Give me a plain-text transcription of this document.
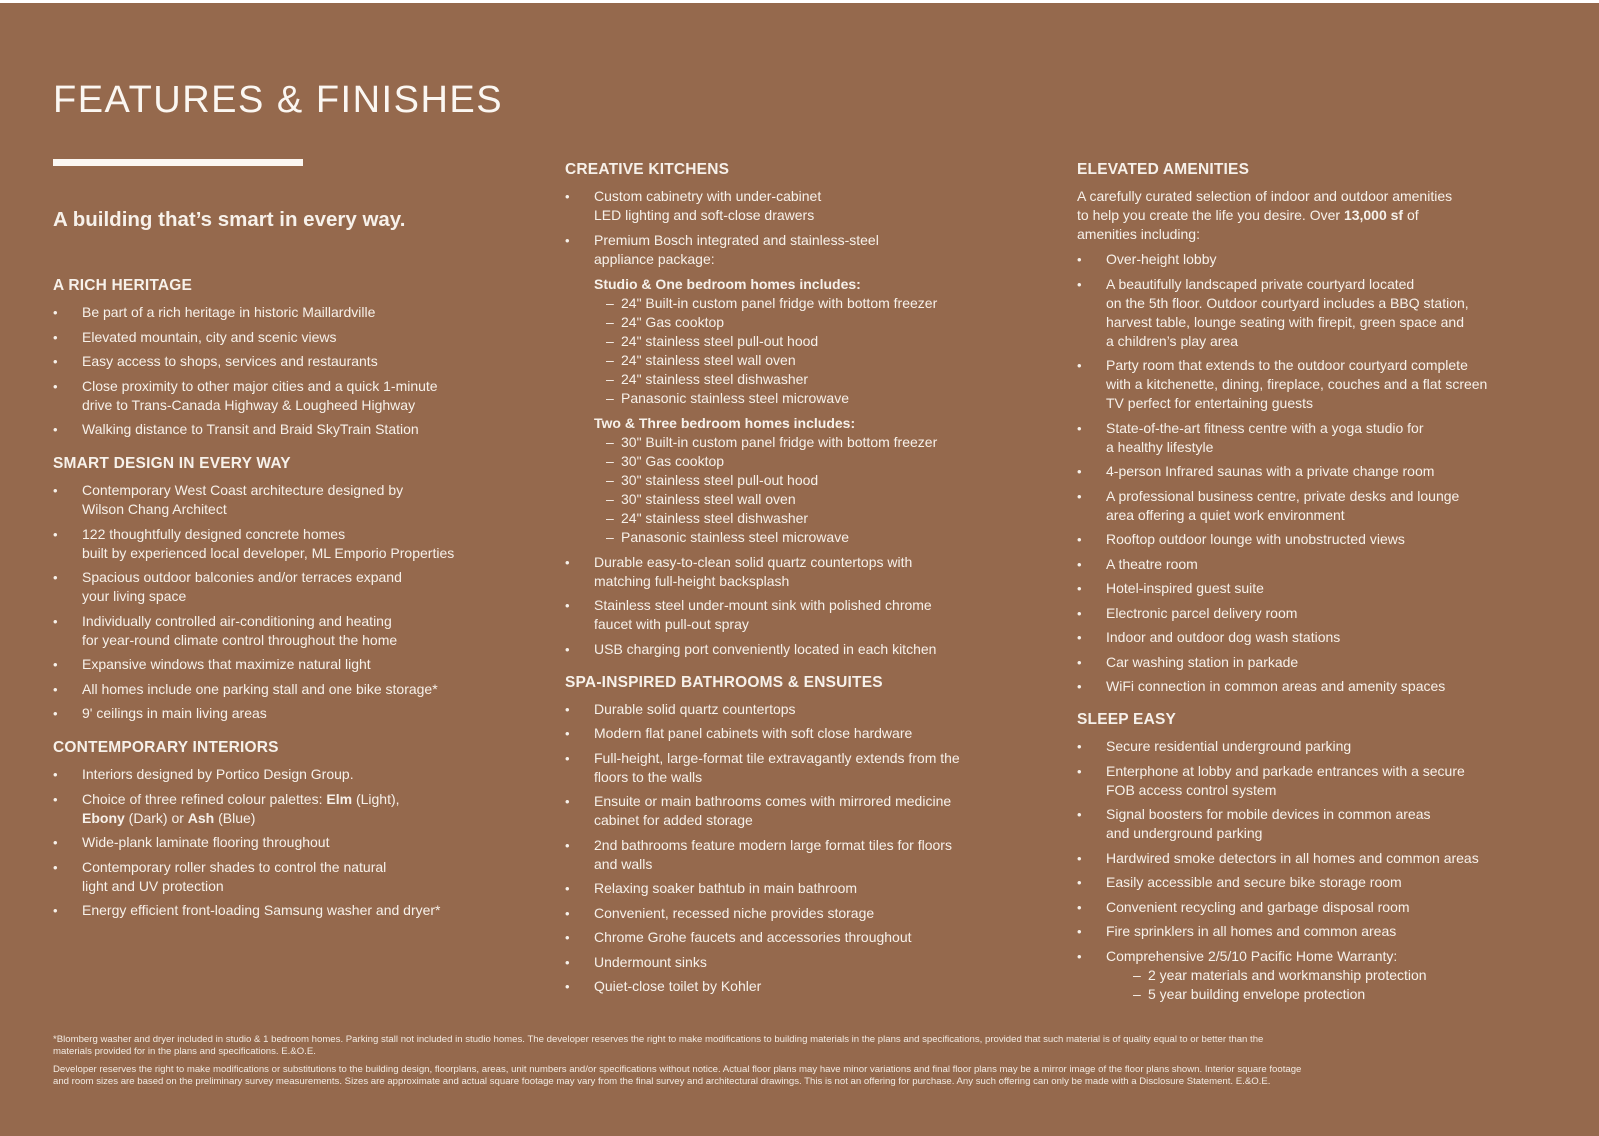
FEATURES & FINISHES
A building that’s smart in every way.
A RICH HERITAGE
• Be part of a rich heritage in historic Maillardville
• Elevated mountain, city and scenic views
• Easy access to shops, services and restaurants
• Close proximity to other major cities and a quick 1-minute
drive to Trans-Canada Highway & Lougheed Highway
• Walking distance to Transit and Braid SkyTrain Station
SMART DESIGN IN EVERY WAY
• Contemporary West Coast architecture designed by
Wilson Chang Architect
• 122 thoughtfully designed concrete homes
built by experienced local developer, ML Emporio Properties
• Spacious outdoor balconies and/or terraces expand
your living space
• Individually controlled air-conditioning and heating
for year-round climate control throughout the home
• Expansive windows that maximize natural light
• All homes include one parking stall and one bike storage*
• 9' ceilings in main living areas
CONTEMPORARY INTERIORS
• Interiors designed by Portico Design Group.
• Choice of three refined colour palettes: Elm (Light),
Ebony (Dark) or Ash (Blue)
• Wide-plank laminate flooring throughout
• Contemporary roller shades to control the natural
light and UV protection
• Energy efficient front-loading Samsung washer and dryer*
CREATIVE KITCHENS
• Custom cabinetry with under-cabinet
LED lighting and soft-close drawers
• Premium Bosch integrated and stainless-steel
appliance package:
Studio & One bedroom homes includes:
– 24" Built-in custom panel fridge with bottom freezer
– 24" Gas cooktop
– 24" stainless steel pull-out hood
– 24" stainless steel wall oven
– 24" stainless steel dishwasher
– Panasonic stainless steel microwave
Two & Three bedroom homes includes:
– 30" Built-in custom panel fridge with bottom freezer
– 30" Gas cooktop
– 30" stainless steel pull-out hood
– 30" stainless steel wall oven
– 24" stainless steel dishwasher
– Panasonic stainless steel microwave
• Durable easy-to-clean solid quartz countertops with
matching full-height backsplash
• Stainless steel under-mount sink with polished chrome
faucet with pull-out spray
• USB charging port conveniently located in each kitchen
SPA-INSPIRED BATHROOMS & ENSUITES
• Durable solid quartz countertops
• Modern flat panel cabinets with soft close hardware
• Full-height, large-format tile extravagantly extends from the
floors to the walls
• Ensuite or main bathrooms comes with mirrored medicine
cabinet for added storage
• 2nd bathrooms feature modern large format tiles for floors
and walls
• Relaxing soaker bathtub in main bathroom
• Convenient, recessed niche provides storage
• Chrome Grohe faucets and accessories throughout
• Undermount sinks
• Quiet-close toilet by Kohler
ELEVATED AMENITIES
A carefully curated selection of indoor and outdoor amenities
to help you create the life you desire. Over 13,000 sf of
amenities including:
• Over-height lobby
• A beautifully landscaped private courtyard located
on the 5th floor. Outdoor courtyard includes a BBQ station,
harvest table, lounge seating with firepit, green space and
a children’s play area
• Party room that extends to the outdoor courtyard complete
with a kitchenette, dining, fireplace, couches and a flat screen
TV perfect for entertaining guests
• State-of-the-art fitness centre with a yoga studio for
a healthy lifestyle
• 4-person Infrared saunas with a private change room
• A professional business centre, private desks and lounge
area offering a quiet work environment
• Rooftop outdoor lounge with unobstructed views
• A theatre room
• Hotel-inspired guest suite
• Electronic parcel delivery room
• Indoor and outdoor dog wash stations
• Car washing station in parkade
• WiFi connection in common areas and amenity spaces
SLEEP EASY
• Secure residential underground parking
• Enterphone at lobby and parkade entrances with a secure
FOB access control system
• Signal boosters for mobile devices in common areas
and underground parking
• Hardwired smoke detectors in all homes and common areas
• Easily accessible and secure bike storage room
• Convenient recycling and garbage disposal room
• Fire sprinklers in all homes and common areas
• Comprehensive 2/5/10 Pacific Home Warranty:
– 2 year materials and workmanship protection
– 5 year building envelope protection

*Blomberg washer and dryer included in studio & 1 bedroom homes. Parking stall not included in studio homes. The developer reserves the right to make modifications to building materials in the plans and specifications, provided that such material is of quality equal to or better than the
materials provided for in the plans and specifications. E.&O.E.

Developer reserves the right to make modifications or substitutions to the building design, floorplans, areas, unit numbers and/or specifications without notice. Actual floor plans may have minor variations and final floor plans may be a mirror image of the floor plans shown. Interior square footage
and room sizes are based on the preliminary survey measurements. Sizes are approximate and actual square footage may vary from the final survey and architectural drawings. This is not an offering for purchase. Any such offering can only be made with a Disclosure Statement. E.&O.E.
